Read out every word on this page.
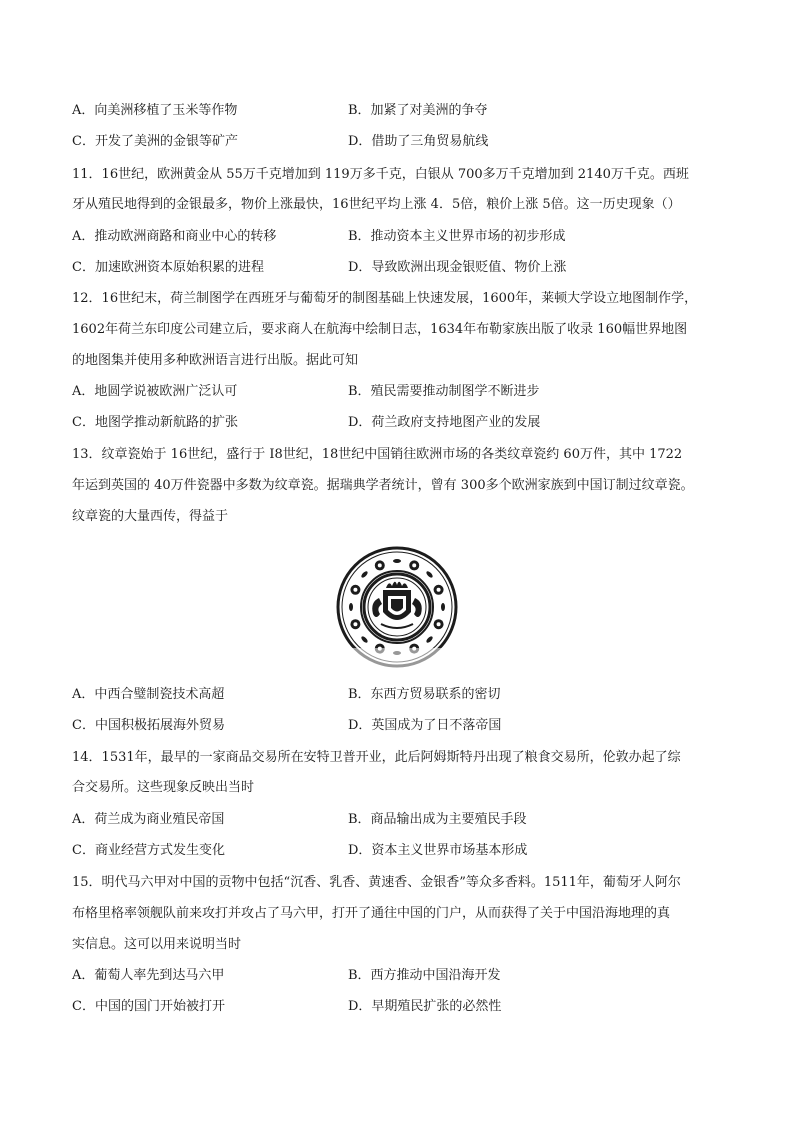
A．向美洲移植了玉米等作物	B．加紧了对美洲的争夺
C．开发了美洲的金银等矿产	D．借助了三角贸易航线
11．16世纪，欧洲黄金从 55万千克增加到 119万多千克，白银从 700多万千克增加到 2140万千克。西班
牙从殖民地得到的金银最多，物价上涨最快，16世纪平均上涨 4．5倍，粮价上涨 5倍。这一历史现象（）
A．推动欧洲商路和商业中心的转移	B．推动资本主义世界市场的初步形成
C．加速欧洲资本原始积累的进程	D．导致欧洲出现金银贬值、物价上涨
12．16世纪末，荷兰制图学在西班牙与葡萄牙的制图基础上快速发展，1600年，莱顿大学设立地图制作学，
1602年荷兰东印度公司建立后，要求商人在航海中绘制日志，1634年布勒家族出版了收录 160幅世界地图
的地图集并使用多种欧洲语言进行出版。据此可知
A．地圆学说被欧洲广泛认可	B．殖民需要推动制图学不断进步
C．地图学推动新航路的扩张	D．荷兰政府支持地图产业的发展
13．纹章瓷始于 16世纪，盛行于 I8世纪，18世纪中国销往欧洲市场的各类纹章瓷约 60万件，其中 1722
年运到英国的 40万件瓷器中多数为纹章瓷。据瑞典学者统计，曾有 300多个欧洲家族到中国订制过纹章瓷。
纹章瓷的大量西传，得益于
A．中西合璧制瓷技术高超	B．东西方贸易联系的密切
C．中国积极拓展海外贸易	D．英国成为了日不落帝国
14．1531年，最早的一家商品交易所在安特卫普开业，此后阿姆斯特丹出现了粮食交易所，伦敦办起了综
合交易所。这些现象反映出当时
A．荷兰成为商业殖民帝国	B．商品输出成为主要殖民手段
C．商业经营方式发生变化	D．资本主义世界市场基本形成
15．明代马六甲对中国的贡物中包括“沉香、乳香、黄速香、金银香”等众多香料。1511年，葡萄牙人阿尔
布格里格率领舰队前来攻打并攻占了马六甲，打开了通往中国的门户，从而获得了关于中国沿海地理的真
实信息。这可以用来说明当时
A．葡萄人率先到达马六甲	B．西方推动中国沿海开发
C．中国的国门开始被打开	D．早期殖民扩张的必然性
